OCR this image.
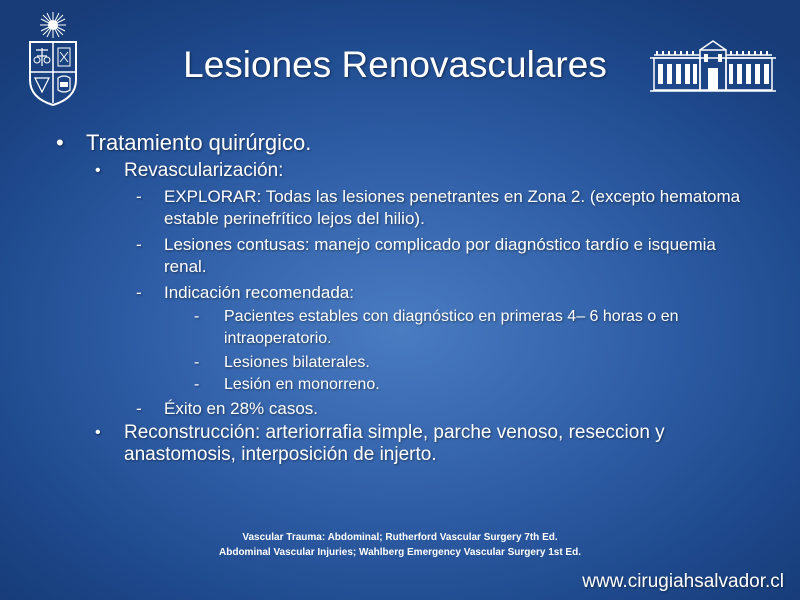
Lesiones Renovasculares
• Tratamiento quirúrgico.
• Revascularización:
- EXPLORAR: Todas las lesiones penetrantes en Zona 2. (excepto hematoma estable perinefrítico lejos del hilio).
- Lesiones contusas: manejo complicado por diagnóstico tardío e isquemia renal.
- Indicación recomendada:
- Pacientes estables con diagnóstico en primeras 4– 6 horas o en intraoperatorio.
- Lesiones bilaterales.
- Lesión en monorreno.
- Éxito en 28% casos.
• Reconstrucción: arteriorrafia simple, parche venoso, reseccion y anastomosis, interposición de injerto.
Vascular Trauma: Abdominal; Rutherford Vascular Surgery 7th Ed.
Abdominal Vascular Injuries; Wahlberg Emergency Vascular Surgery 1st Ed.
www.cirugiahsalvador.cl
